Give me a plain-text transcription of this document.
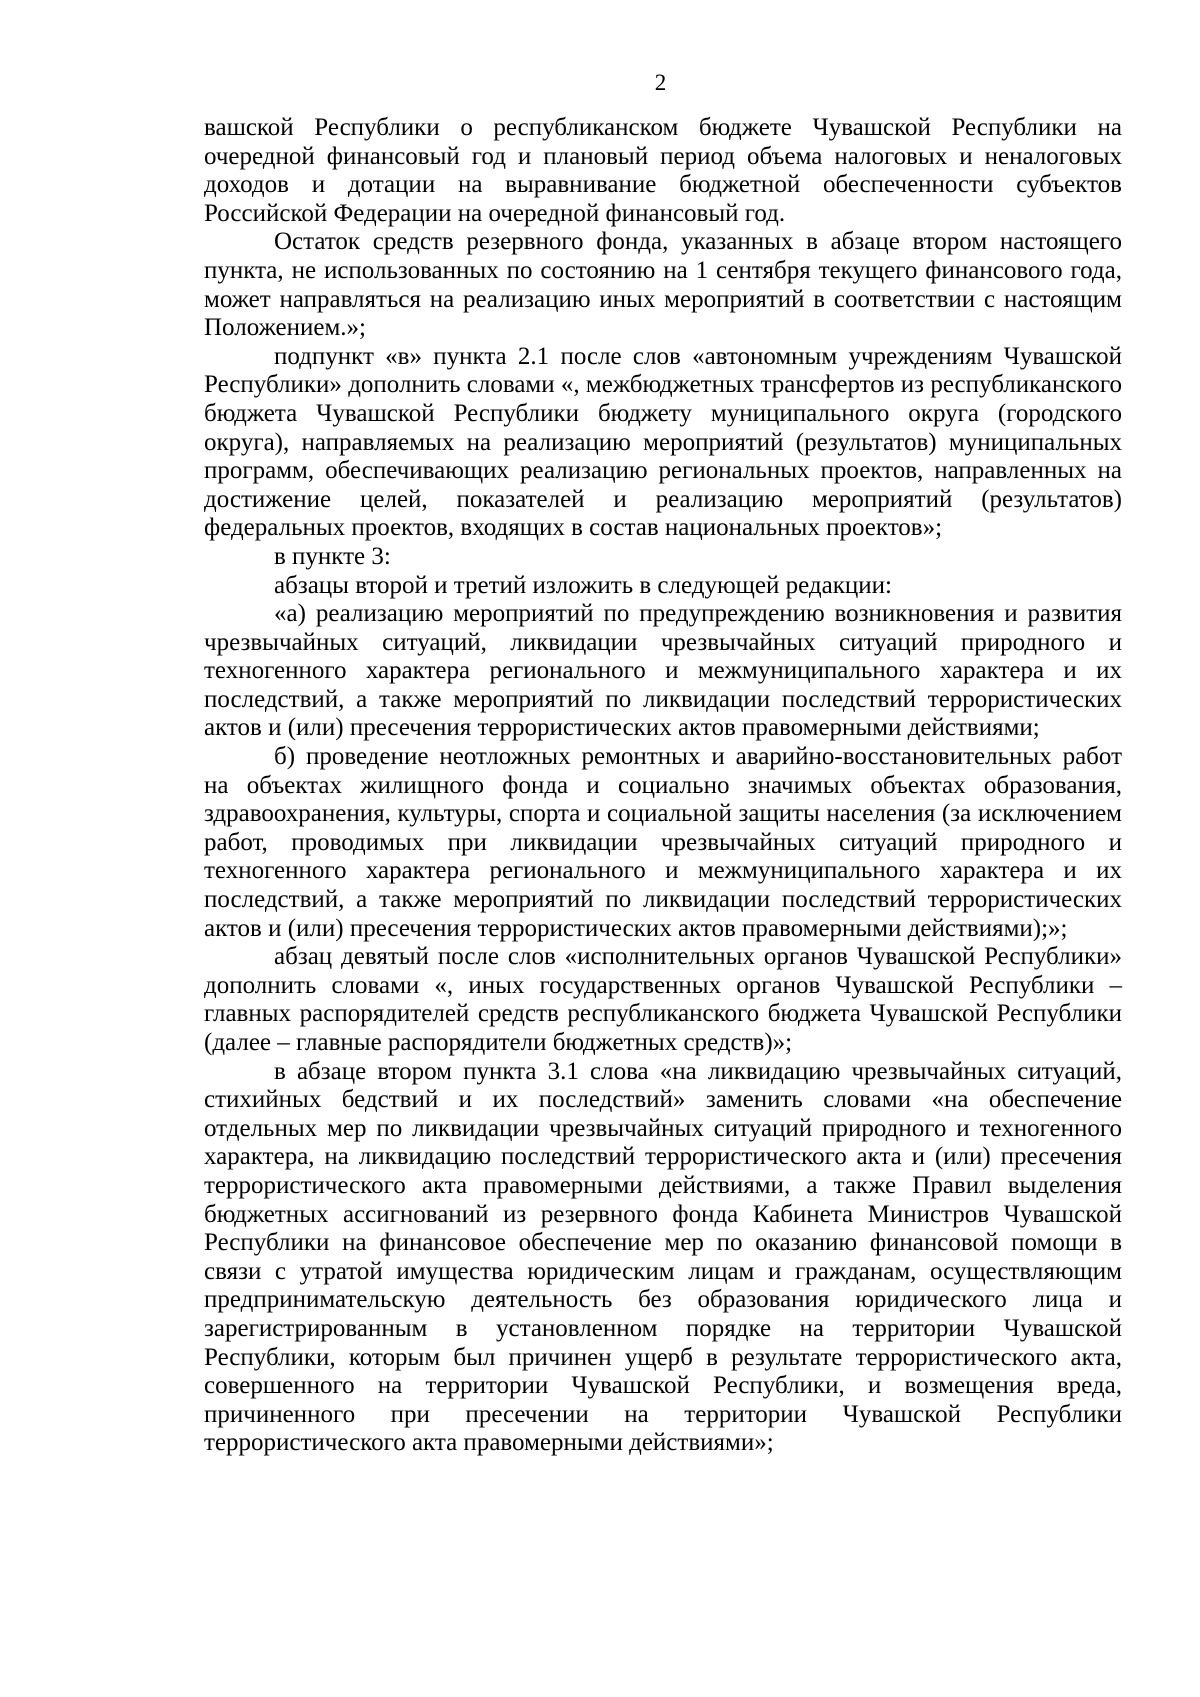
2

вашской Республики о республиканском бюджете Чувашской Республики на очередной финансовый год и плановый период объема налоговых и неналоговых доходов и дотации на выравнивание бюджетной обеспеченности субъектов Российской Федерации на очередной финансовый год.

Остаток средств резервного фонда, указанных в абзаце втором настоящего пункта, не использованных по состоянию на 1 сентября текущего финансового года, может направляться на реализацию иных мероприятий в соответствии с настоящим Положением.»;

подпункт «в» пункта 2.1 после слов «автономным учреждениям Чувашской Республики» дополнить словами «, межбюджетных трансфертов из республиканского бюджета Чувашской Республики бюджету муниципального округа (городского округа), направляемых на реализацию мероприятий (результатов) муниципальных программ, обеспечивающих реализацию региональных проектов, направленных на достижение целей, показателей и реализацию мероприятий (результатов) федеральных проектов, входящих в состав национальных проектов»;

в пункте 3:

абзацы второй и третий изложить в следующей редакции:

«а) реализацию мероприятий по предупреждению возникновения и развития чрезвычайных ситуаций, ликвидации чрезвычайных ситуаций природного и техногенного характера регионального и межмуниципального характера и их последствий, а также мероприятий по ликвидации последствий террористических актов и (или) пресечения террористических актов правомерными действиями;

б) проведение неотложных ремонтных и аварийно-восстановительных работ на объектах жилищного фонда и социально значимых объектах образования, здравоохранения, культуры, спорта и социальной защиты населения (за исключением работ, проводимых при ликвидации чрезвычайных ситуаций природного и техногенного характера регионального и межмуниципального характера и их последствий, а также мероприятий по ликвидации последствий террористических актов и (или) пресечения террористических актов правомерными действиями);»;

абзац девятый после слов «исполнительных органов Чувашской Республики» дополнить словами «, иных государственных органов Чувашской Республики – главных распорядителей средств республиканского бюджета Чувашской Республики (далее – главные распорядители бюджетных средств)»;

в абзаце втором пункта 3.1 слова «на ликвидацию чрезвычайных ситуаций, стихийных бедствий и их последствий» заменить словами «на обеспечение отдельных мер по ликвидации чрезвычайных ситуаций природного и техногенного характера, на ликвидацию последствий террористического акта и (или) пресечения террористического акта правомерными действиями, а также Правил выделения бюджетных ассигнований из резервного фонда Кабинета Министров Чувашской Республики на финансовое обеспечение мер по оказанию финансовой помощи в связи с утратой имущества юридическим лицам и гражданам, осуществляющим предпринимательскую деятельность без образования юридического лица и зарегистрированным в установленном порядке на территории Чувашской Республики, которым был причинен ущерб в результате террористического акта, совершенного на территории Чувашской Республики, и возмещения вреда, причиненного при пресечении на территории Чувашской Республики террористического акта правомерными действиями»;
